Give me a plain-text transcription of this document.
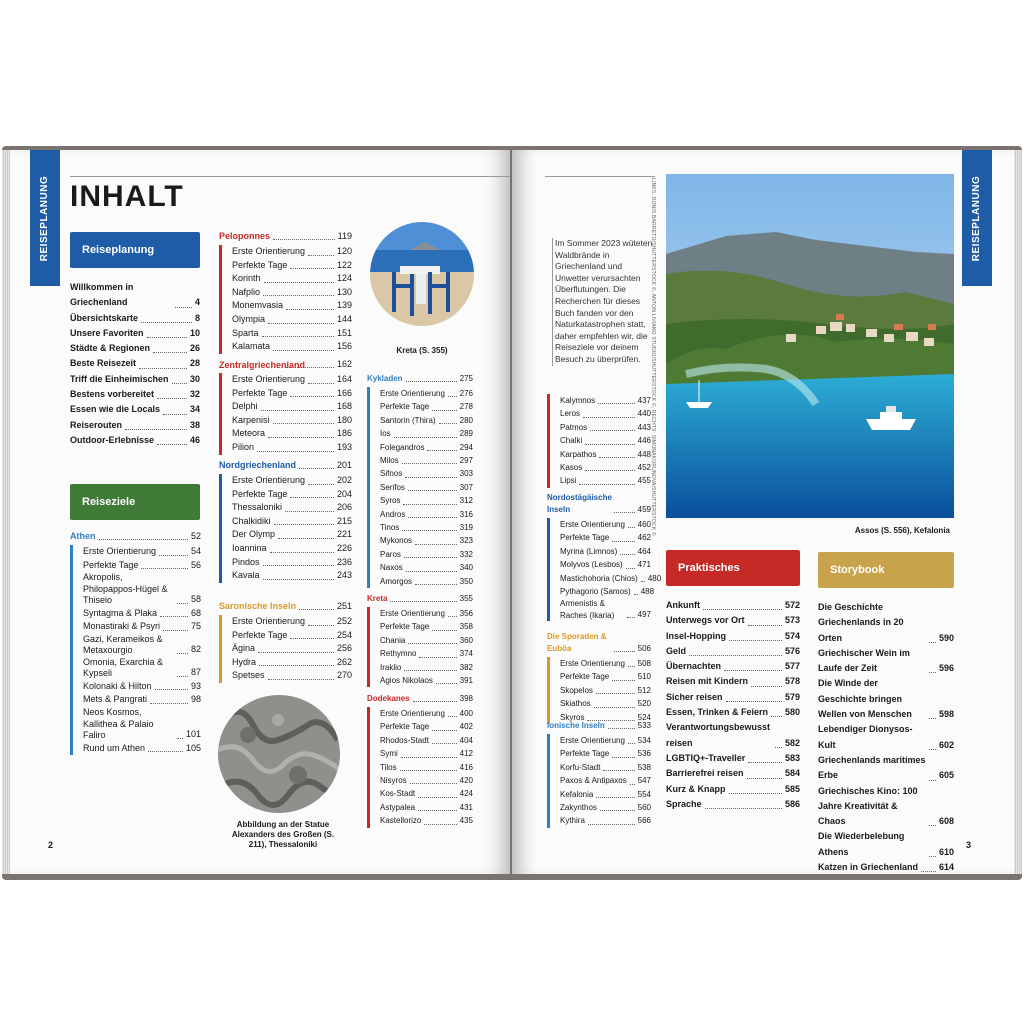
REISEPLANUNG INHALT
Reiseplanung
Willkommen in Griechenland	4
Übersichtskarte	8
Unsere Favoriten	10
Städte & Regionen	26
Beste Reisezeit	28
Triff die Einheimischen 30
Bestens vorbereitet	32
Essen wie die Locals	34
Reiserouten	38
Outdoor-Erlebnisse	46
Reiseziele
Athen	52
Erste Orientierung	54
Perfekte Tage	56
Akropolis, Philopappos-Hügel & Thiseio	58
Syntagma & Plaka	68
Monastiraki & Psyri	75
Gazi, Kerameikos & Metaxourgio	82
Omonia, Exarchia & Kypseli	87
Kolonaki & Hilton	93
Mets & Pangrati	98
Neos Kosmos, Kallithea & Palaio Faliro	101
Rund um Athen	105
Peloponnes	119
Erste Orientierung	120
Perfekte Tage	122
Korinth	124
Nafplio	130
Monemvasia	139
Olympia	144
Sparta	151
Kalamata	156
Zentralgriechenland	162
Erste Orientierung	164
Perfekte Tage	166
Delphi	168
Karpenisi	180
Meteora	186
Pilion	193
Nordgriechenland	201
Erste Orientierung	202
Perfekte Tage	204
Thessaloniki	206
Chalkidiki	215
Der Olymp	221
Ioannina	226
Pindos	236
Kavala	243
Saronische Inseln	251
Erste Orientierung	252
Perfekte Tage	254
Ägina	256
Hydra	262
Spetses	270
Kreta (S. 355)
Kykladen	275
Erste Orientierung 276
Perfekte Tage	278
Santorin (Thira)	280
Ios	289
Folegandros	294
Milos	297
Sifnos	303
Serifos	307
Syros	312
Andros	316
Tinos	319
Mykonos	323
Paros	332
Naxos	340
Amorgos	350
Kreta	355
Erste Orientierung 356
Perfekte Tage	358
Chania	360
Rethymno	374
Iraklio	382
Agios Nikolaos	391
Dodekanes	398
Erste Orientierung 400
Perfekte Tage	402
Rhodos-Stadt	404
Symi	412
Tilos	416
Nisyros	420
Kos-Stadt	424
Astypalea	431
Kastellorizo	435
Abbildung an der Statue Alexanders des Großen (S. 211), Thessaloniki
2
REISEPLANUNG
LINKS: DONIS BARRETO/SHUTTERSTOCK ©, ANTON LIVIANO STUDIO/SHUTTERSTOCK ©, RECHTS: SIMONAKORUNOVA/SHUTTERSTOCK ©
Im Sommer 2023 wüteten Waldbrände in Griechenland und Unwetter verursachten Überflutungen. Die Recherchen für dieses Buch fanden vor den Naturkatastrophen statt, daher empfehlen wir, die Reiseziele vor deinem Besuch zu überprüfen.
Kalymnos	437
Leros	440
Patmos	443
Chalki	446
Karpathos	448
Kasos	452
Lipsi	455
Nordostägäische Inseln	459
Erste Orientierung 460
Perfekte Tage	462
Myrina (Limnos)	464
Molyvos (Lesbos) 471
Mastichohoria (Chios) 480
Pythagorio (Samos) 488
Armenistis & Raches (Ikaria)	497
Die Sporaden & Euböa	506
Erste Orientierung 508
Perfekte Tage	510
Skopelos	512
Skiathos	520
Skyros	524
Ionische Inseln	533
Erste Orientierung 534
Perfekte Tage	536
Korfu-Stadt	538
Paxos & Antipaxos 547
Kefalonia	554
Zakynthos	560
Kythira	566
Assos (S. 556), Kefalonia
Praktisches
Ankunft	572
Unterwegs vor Ort	573
Insel-Hopping	574
Geld	576
Übernachten	577
Reisen mit Kindern	578
Sicher reisen	579
Essen, Trinken & Feiern 580
Verantwortungsbewusst reisen	582
LGBTIQ+-Traveller	583
Barrierefrei reisen	584
Kurz & Knapp	585
Sprache	586
Storybook
Die Geschichte Griechenlands in 20 Orten	590
Griechischer Wein im Laufe der Zeit	596
Die Winde der Geschichte bringen Wellen von Menschen	598
Lebendiger Dionysos-Kult	602
Griechenlands maritimes Erbe	605
Griechisches Kino: 100 Jahre Kreativität & Chaos	608
Die Wiederbelebung Athens	610
Katzen in Griechenland 614
3
